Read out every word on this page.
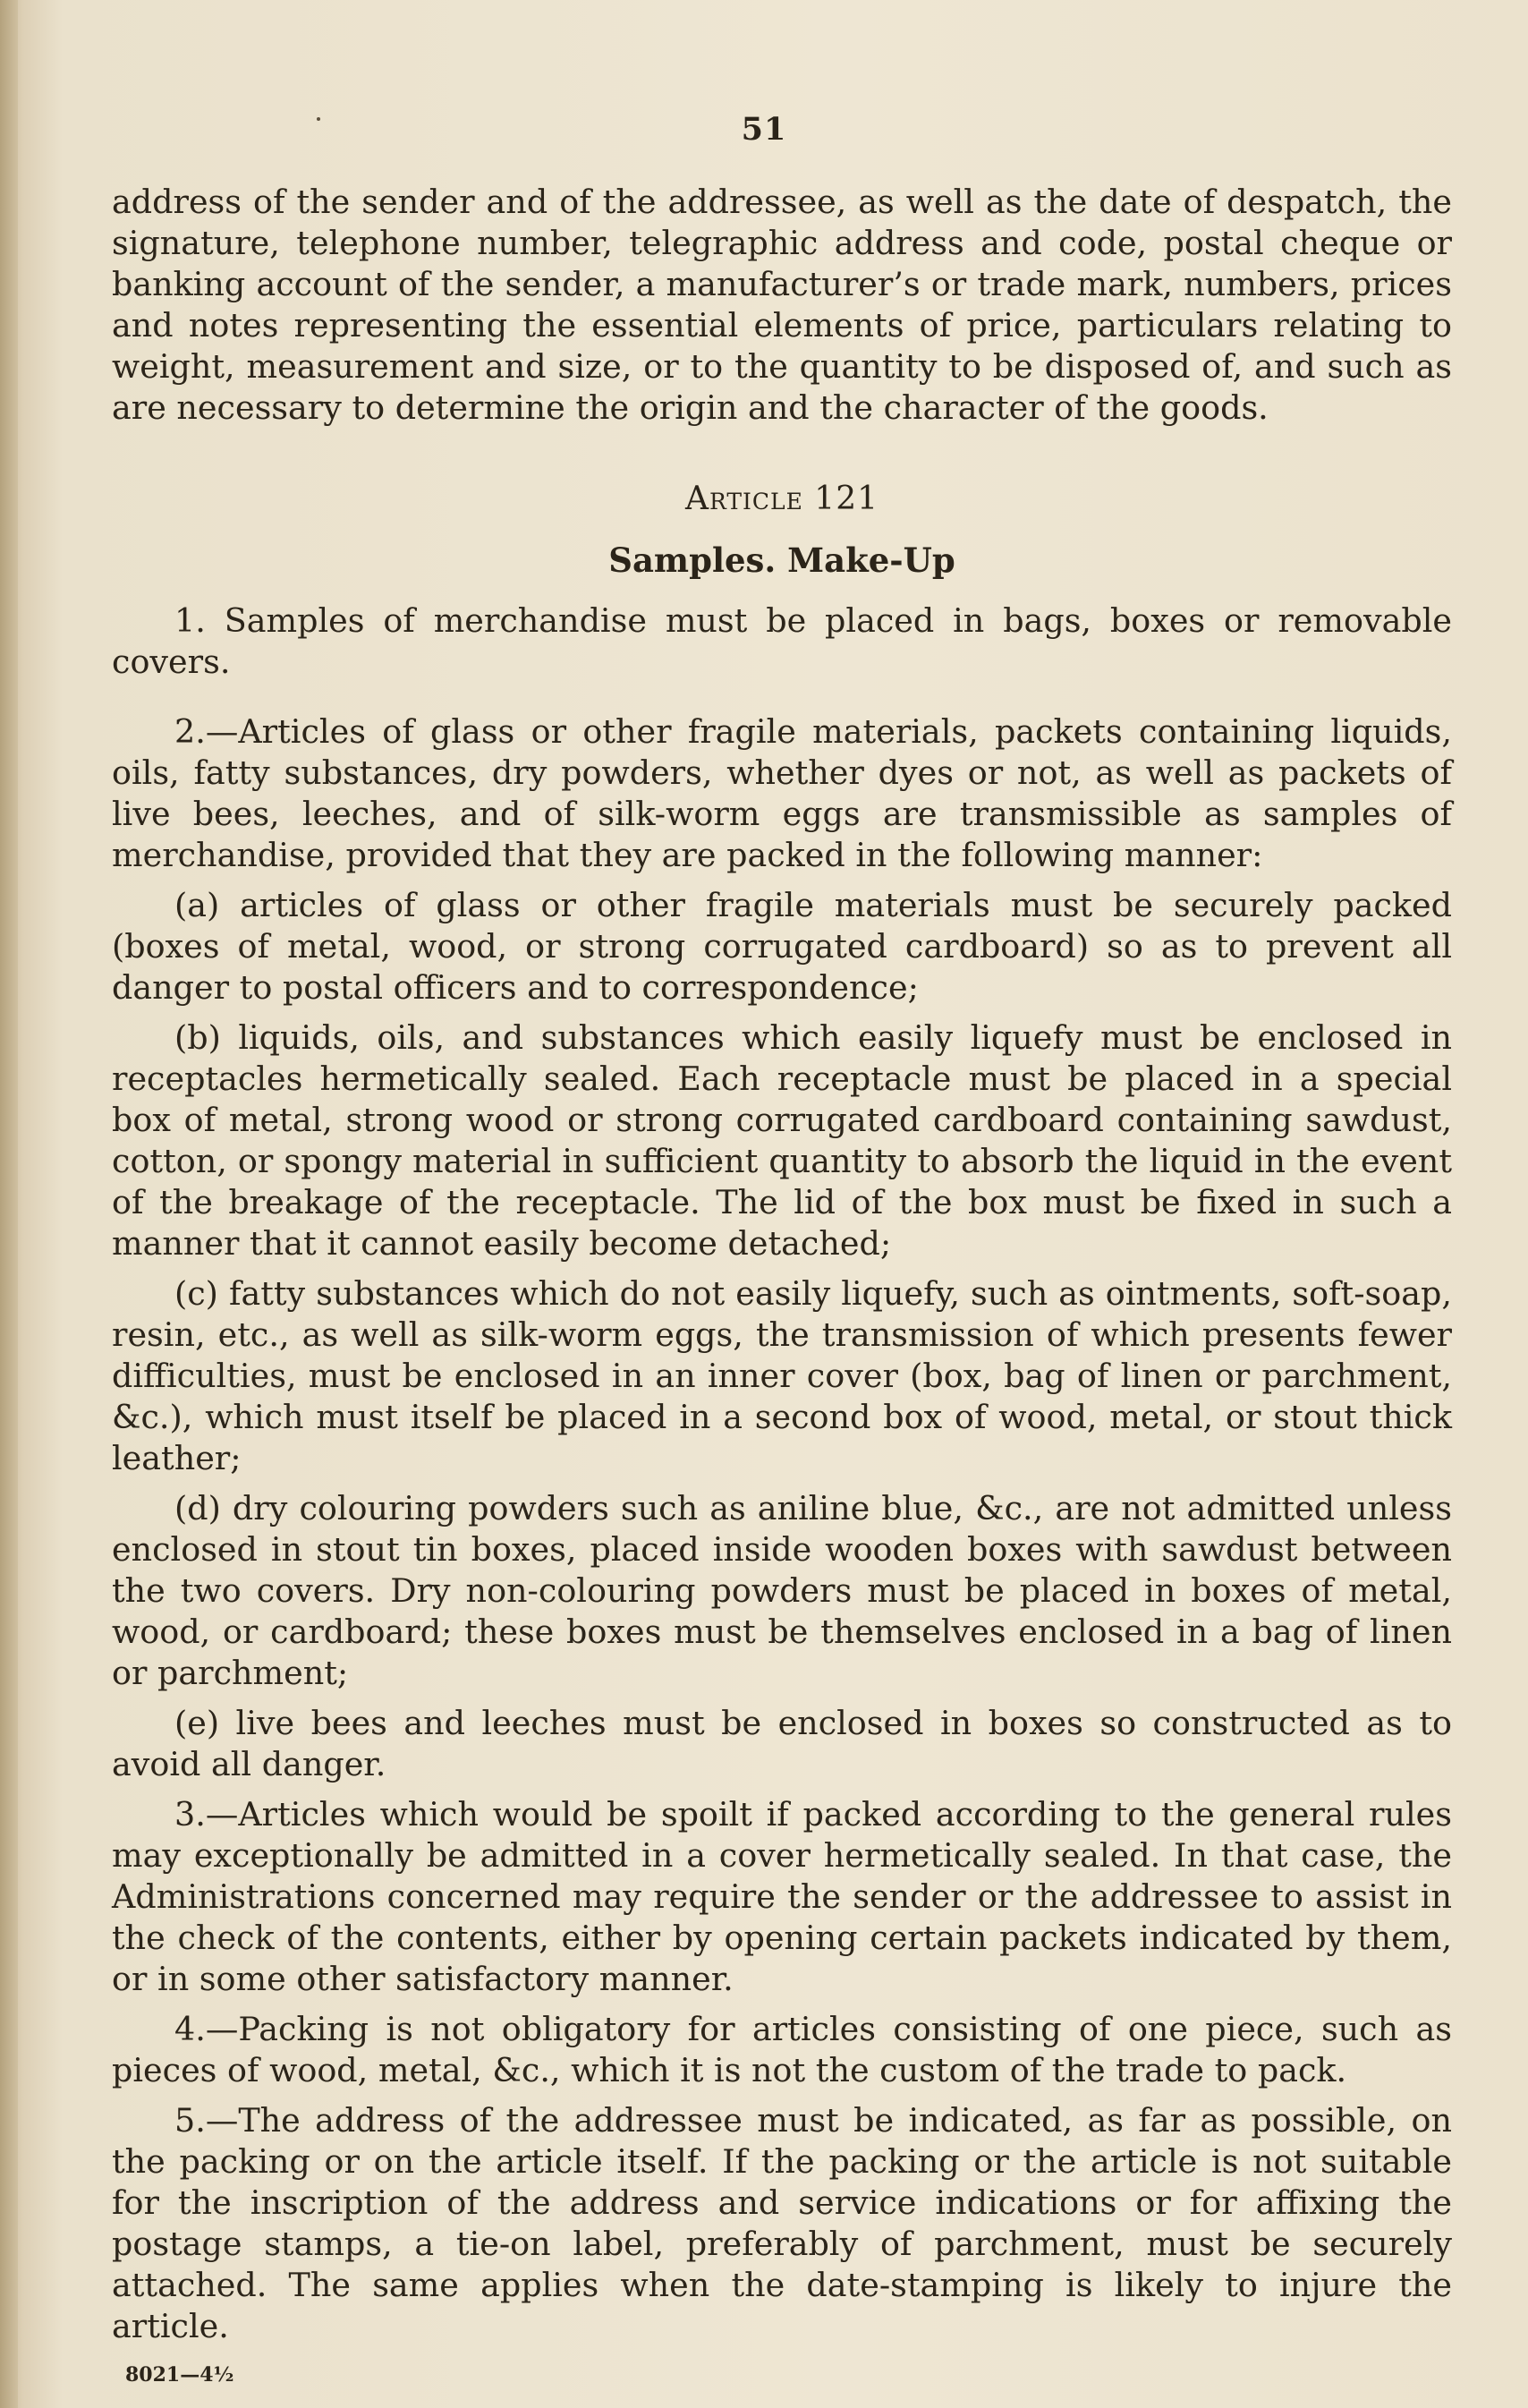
51

address of the sender and of the addressee, as well as the date of despatch, the signature, telephone number, telegraphic address and code, postal cheque or banking account of the sender, a manufacturer’s or trade mark, numbers, prices and notes representing the essential elements of price, particulars relating to weight, measurement and size, or to the quantity to be disposed of, and such as are necessary to determine the origin and the character of the goods.

Article 121
Samples. Make-Up

1. Samples of merchandise must be placed in bags, boxes or removable covers.

2.—Articles of glass or other fragile materials, packets containing liquids, oils, fatty substances, dry powders, whether dyes or not, as well as packets of live bees, leeches, and of silk-worm eggs are transmissible as samples of merchandise, provided that they are packed in the following manner:

(a) articles of glass or other fragile materials must be securely packed (boxes of metal, wood, or strong corrugated cardboard) so as to prevent all danger to postal officers and to correspondence;

(b) liquids, oils, and substances which easily liquefy must be enclosed in receptacles hermetically sealed. Each receptacle must be placed in a special box of metal, strong wood or strong corrugated cardboard containing sawdust, cotton, or spongy material in sufficient quantity to absorb the liquid in the event of the breakage of the receptacle. The lid of the box must be fixed in such a manner that it cannot easily become detached;

(c) fatty substances which do not easily liquefy, such as ointments, soft-soap, resin, etc., as well as silk-worm eggs, the transmission of which presents fewer difficulties, must be enclosed in an inner cover (box, bag of linen or parchment, &c.), which must itself be placed in a second box of wood, metal, or stout thick leather;

(d) dry colouring powders such as aniline blue, &c., are not admitted unless enclosed in stout tin boxes, placed inside wooden boxes with sawdust between the two covers. Dry non-colouring powders must be placed in boxes of metal, wood, or cardboard; these boxes must be themselves enclosed in a bag of linen or parchment;

(e) live bees and leeches must be enclosed in boxes so constructed as to avoid all danger.

3.—Articles which would be spoilt if packed according to the general rules may exceptionally be admitted in a cover hermetically sealed. In that case, the Administrations concerned may require the sender or the addressee to assist in the check of the contents, either by opening certain packets indicated by them, or in some other satisfactory manner.

4.—Packing is not obligatory for articles consisting of one piece, such as pieces of wood, metal, &c., which it is not the custom of the trade to pack.

5.—The address of the addressee must be indicated, as far as possible, on the packing or on the article itself. If the packing or the article is not suitable for the inscription of the address and service indications or for affixing the postage stamps, a tie-on label, preferably of parchment, must be securely attached. The same applies when the date-stamping is likely to injure the article.

8021—4½
